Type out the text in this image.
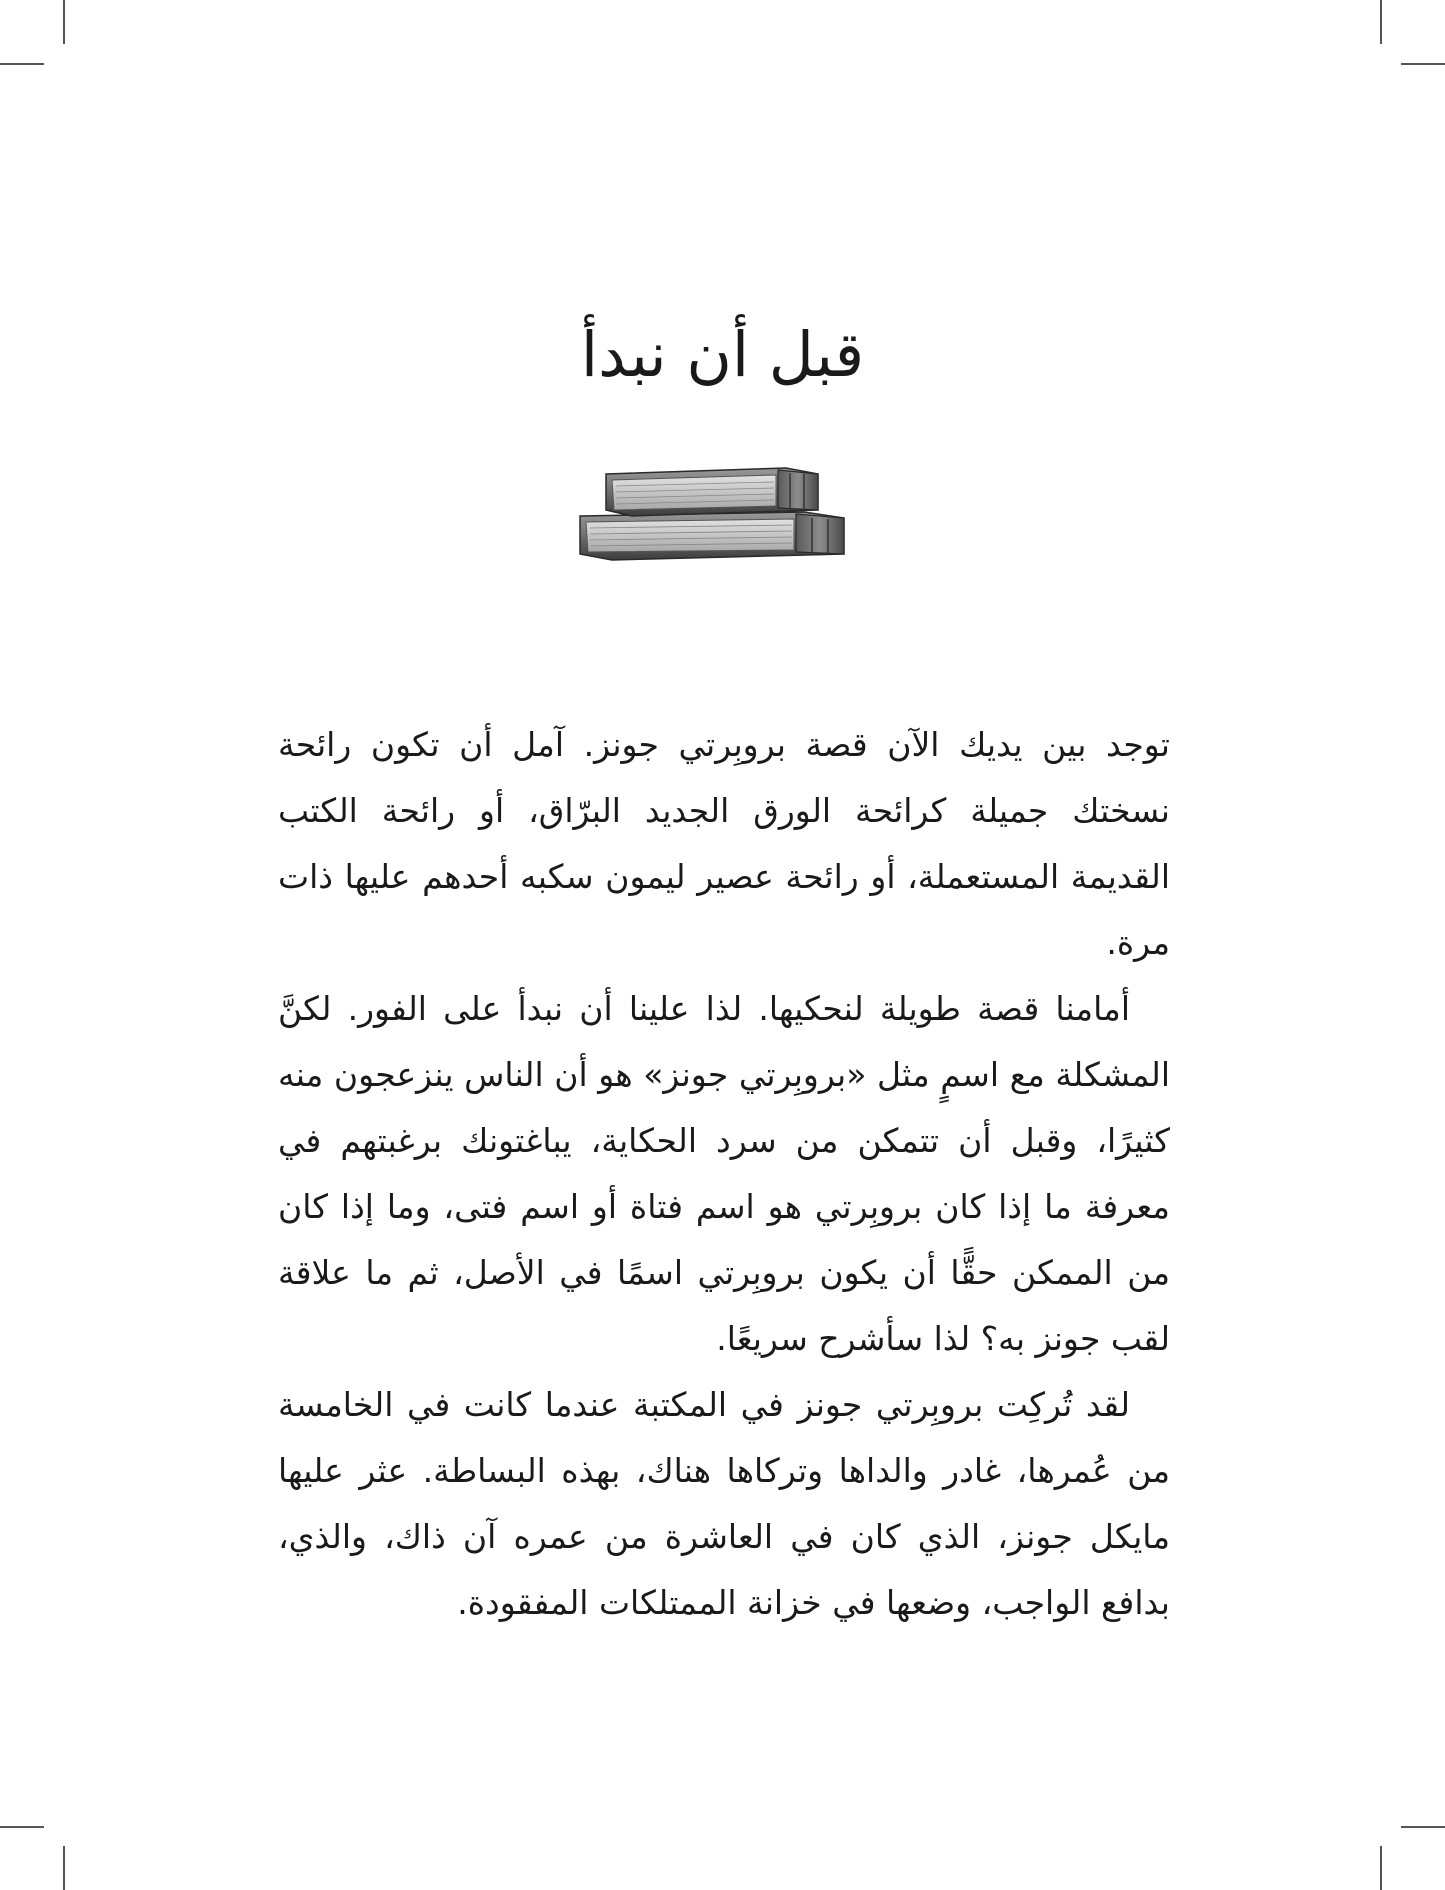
قبل أن نبدأ

توجد بين يديك الآن قصة بروبِرتي جونز. آمل أن تكون رائحة نسختك جميلة كرائحة الورق الجديد البرّاق، أو رائحة الكتب القديمة المستعملة، أو رائحة عصير ليمون سكبه أحدهم عليها ذات مرة.

أمامنا قصة طويلة لنحكيها. لذا علينا أن نبدأ على الفور. لكنَّ المشكلة مع اسمٍ مثل «بروبِرتي جونز» هو أن الناس ينزعجون منه كثيرًا، وقبل أن تتمكن من سرد الحكاية، يباغتونك برغبتهم في معرفة ما إذا كان بروبِرتي هو اسم فتاة أو اسم فتى، وما إذا كان من الممكن حقًّا أن يكون بروبِرتي اسمًا في الأصل، ثم ما علاقة لقب جونز به؟ لذا سأشرح سريعًا.

لقد تُركِت بروبِرتي جونز في المكتبة عندما كانت في الخامسة من عُمرها، غادر والداها وتركاها هناك، بهذه البساطة. عثر عليها مايكل جونز، الذي كان في العاشرة من عمره آن ذاك، والذي، بدافع الواجب، وضعها في خزانة الممتلكات المفقودة.
